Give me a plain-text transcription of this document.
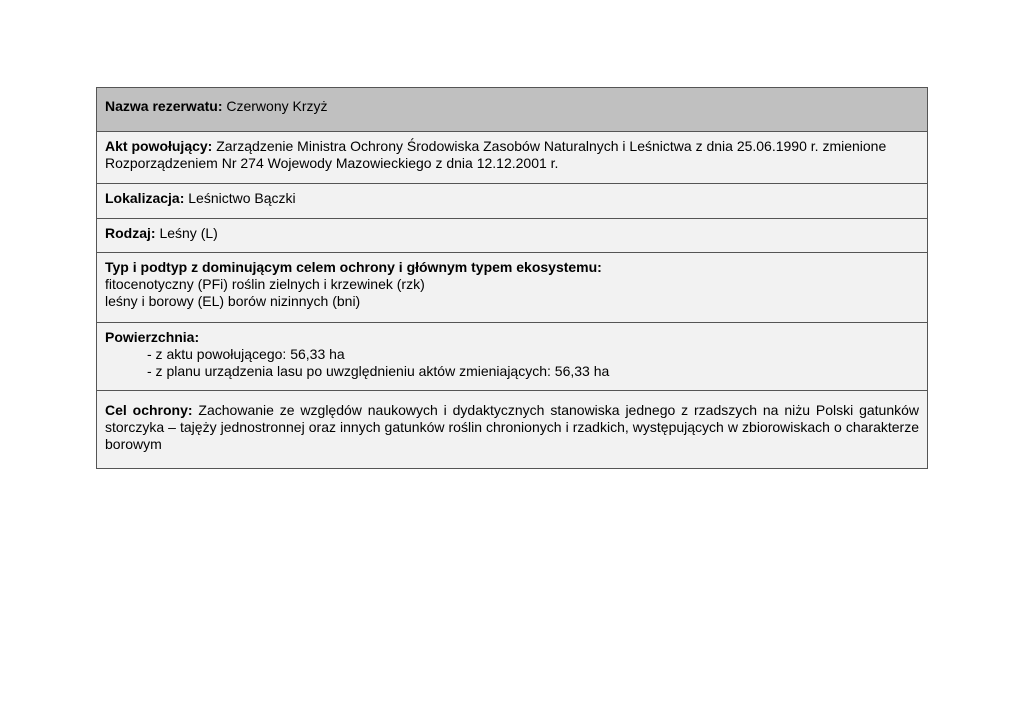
Nazwa rezerwatu: Czerwony Krzyż
Akt powołujący: Zarządzenie Ministra Ochrony Środowiska Zasobów Naturalnych i Leśnictwa z dnia 25.06.1990 r. zmienione
Rozporządzeniem Nr 274 Wojewody Mazowieckiego z dnia 12.12.2001 r.
Lokalizacja: Leśnictwo Bączki
Rodzaj: Leśny (L)
Typ i podtyp z dominującym celem ochrony i głównym typem ekosystemu:
fitocenotyczny (PFi) roślin zielnych i krzewinek (rzk)
leśny i borowy (EL) borów nizinnych (bni)
Powierzchnia:
- z aktu powołującego: 56,33 ha
- z planu urządzenia lasu po uwzględnieniu aktów zmieniających: 56,33 ha
Cel ochrony: Zachowanie ze względów naukowych i dydaktycznych stanowiska jednego z rzadszych na niżu Polski gatunków storczyka – tajęży jednostronnej oraz innych gatunków roślin chronionych i rzadkich, występujących w zbiorowiskach o charakterze borowym
